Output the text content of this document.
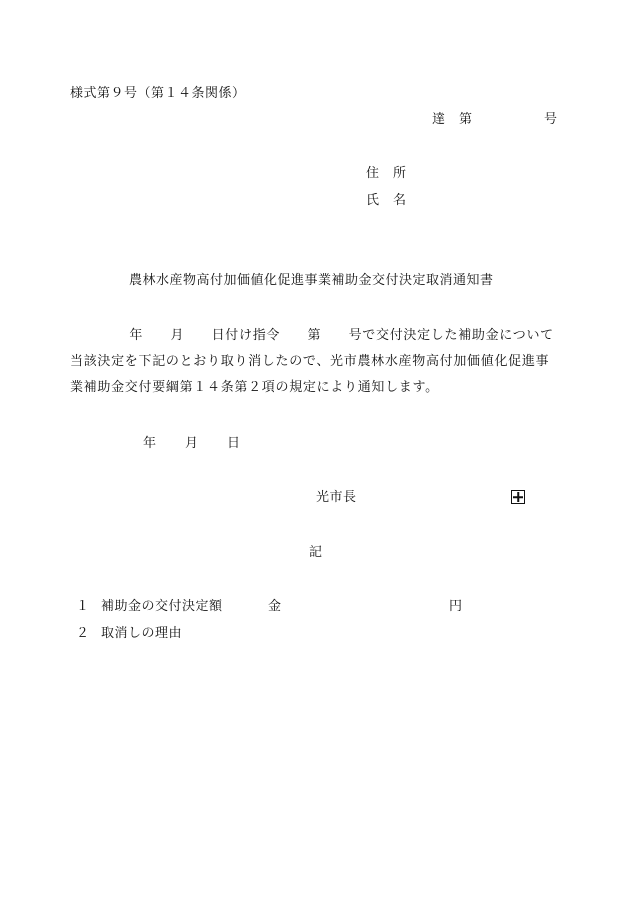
様式第９号（第１４条関係）
達　第	号
住　所
氏　名
農林水産物高付加価値化促進事業補助金交付決定取消通知書
　　年　　月　　日付け指令　　第　　号で交付決定した補助金について
当該決定を下記のとおり取り消したので、光市農林水産物高付加価値化促進事
業補助金交付要綱第１４条第２項の規定により通知します。
年 月 日
光市長
記
１ 補助金の交付決定額	金	円
２ 取消しの理由
